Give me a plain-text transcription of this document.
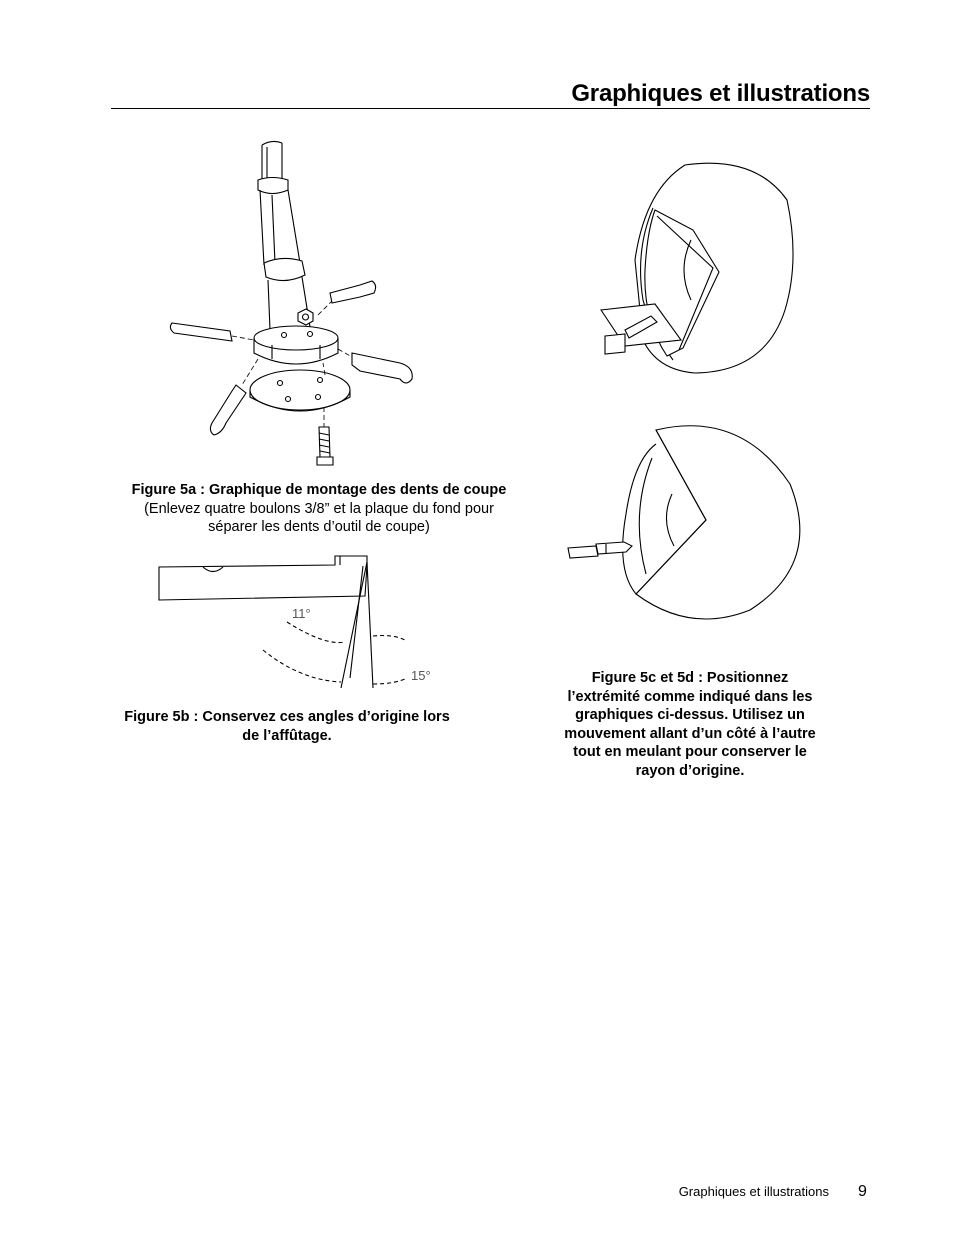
Graphiques et illustrations
Figure 5a : Graphique de montage des dents de coupe
(Enlevez quatre boulons 3/8” et la plaque du fond pour
séparer les dents d’outil de coupe)
11°
15°
Figure 5b : Conservez ces angles d’origine lors
de l’affûtage.
Figure 5c et 5d : Positionnez
l’extrémité comme indiqué dans les
graphiques ci-dessus. Utilisez un
mouvement allant d’un côté à l’autre
tout en meulant pour conserver le
rayon d’origine.
Graphiques et illustrations 9
